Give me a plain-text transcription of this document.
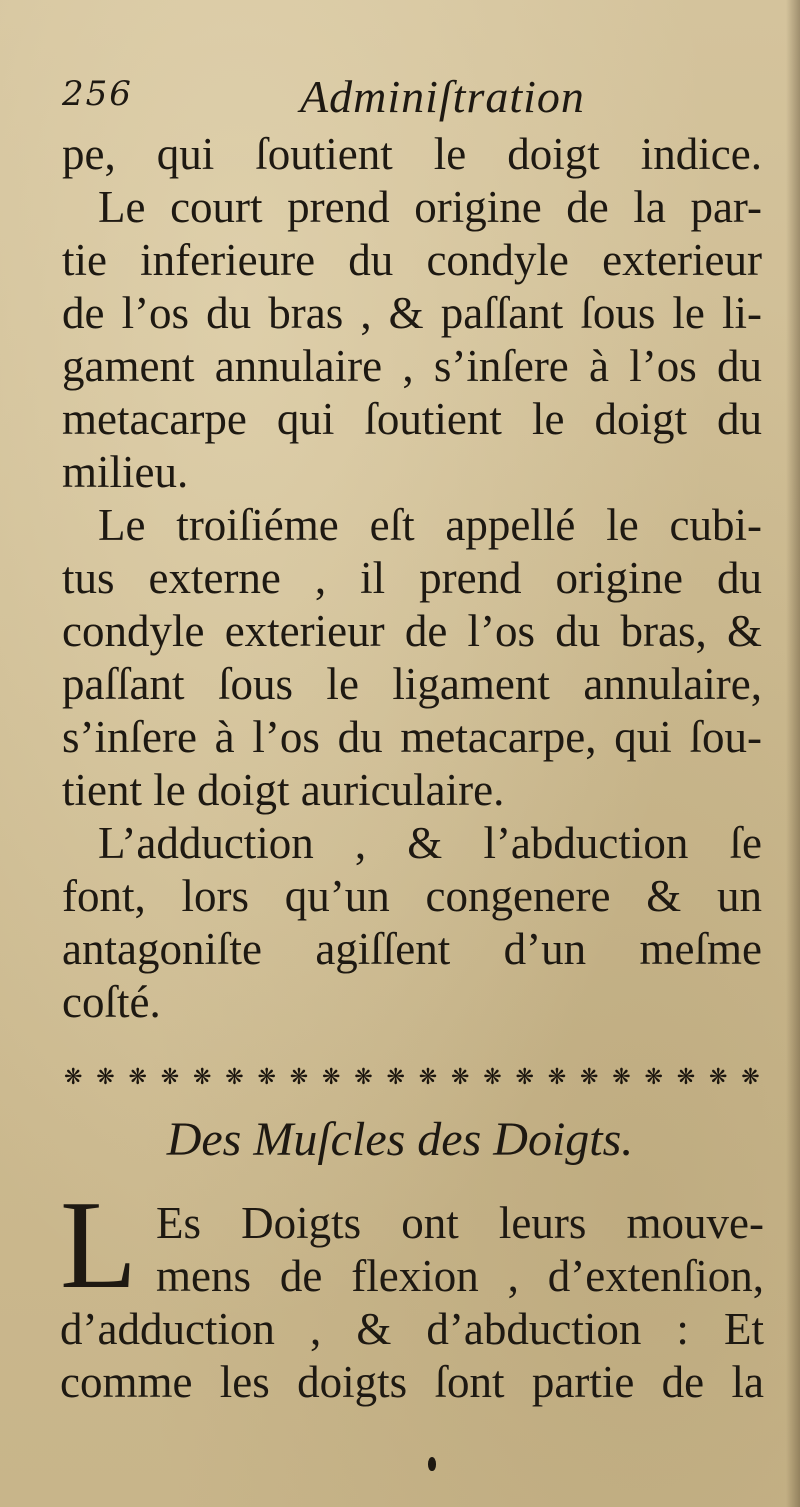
256	Adminiſtration
pe, qui ſoutient le doigt indice.
Le court prend origine de la par-
tie inferieure du condyle exterieur
de l’os du bras , & paſſant ſous le li-
gament annulaire , s’inſere à l’os du
metacarpe qui ſoutient le doigt du
milieu.
Le troiſiéme eſt appellé le cubi-
tus externe , il prend origine du
condyle exterieur de l’os du bras, &
paſſant ſous le ligament annulaire,
s’inſere à l’os du metacarpe, qui ſou-
tient le doigt auriculaire.
L’adduction , & l’abduction ſe
font, lors qu’un congenere & un
antagoniſte agiſſent d’un meſme
coſté.
❋ ❋ ❋ ❋ ❋ ❋ ❋ ❋ ❋ ❋ ❋ ❋ ❋ ❋ ❋ ❋ ❋ ❋ ❋ ❋ ❋ ❋
Des Muſcles des Doigts.
L Es Doigts ont leurs mouve-
mens de flexion , d’extenſion,
d’adduction , & d’abduction : Et
comme les doigts ſont partie de la
